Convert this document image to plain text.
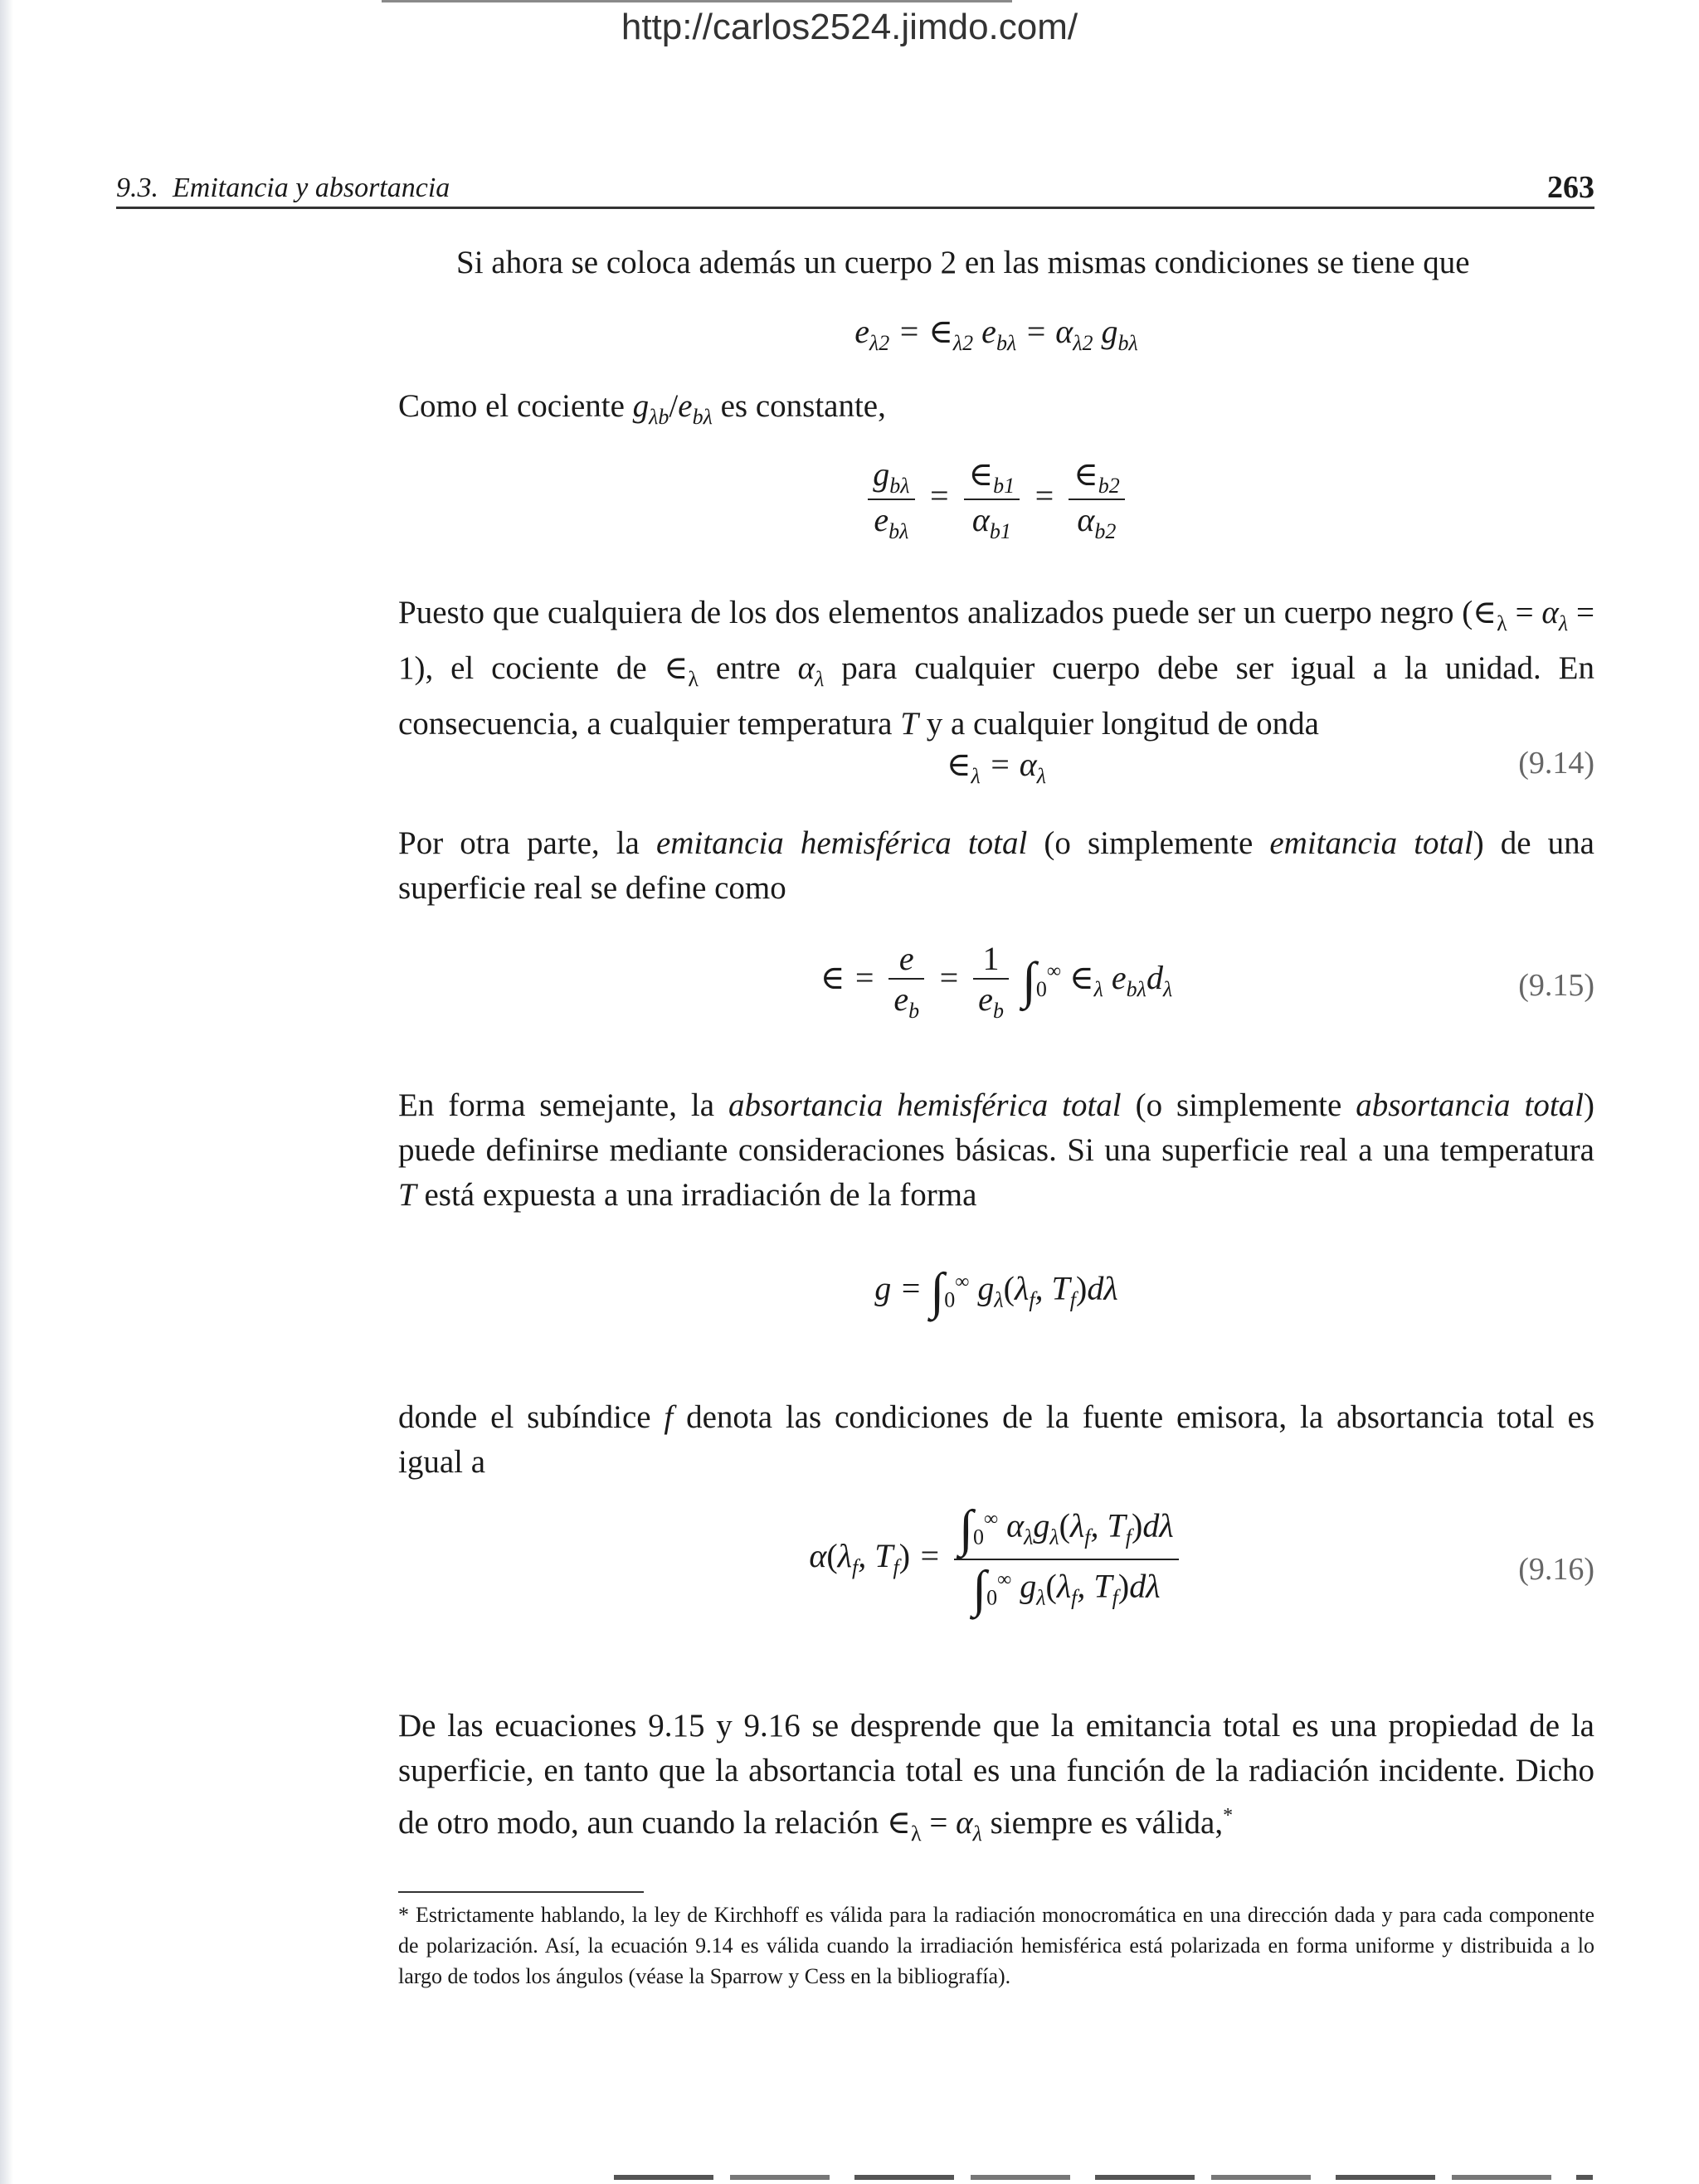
http://carlos2524.jimdo.com/
9.3. Emitancia y absortancia	263

Si ahora se coloca además un cuerpo 2 en las mismas condiciones se tiene que

$e_{\lambda 2}$ = $\in_{\lambda 2}$ $e_{b\lambda} = \alpha_{\lambda 2}$ $g_{b\lambda}$

Como el cociente $g_{\lambda b}/e_{b\lambda}$ es constante,

$\frac{g_{b\lambda}}{e_{b\lambda}} = \frac{\in_{b1}}{\alpha_{b1}} = \frac{\in_{b2}}{\alpha_{b2}}$

Puesto que cualquiera de los dos elementos analizados puede ser un cuerpo negro $(\in_\lambda = \alpha_\lambda = 1)$, el cociente de $\in_\lambda$ entre $\alpha_\lambda$ para cualquier cuerpo debe ser igual a la unidad. En consecuencia, a cualquier temperatura T y a cualquier longitud de onda

$\in_\lambda = \alpha_\lambda$	(9.14)

Por otra parte, la emitancia hemisférica total (o simplemente emitancia total) de una superficie real se define como

∈ = $\frac{e}{e_b} = \frac{1}{e_b} \int_0^\infty$ $\in_\lambda$ $e_{b\lambda}d_\lambda$	(9.15)

En forma semejante, la absortancia hemisférica total (o simplemente absortancia total) puede definirse mediante consideraciones básicas. Si una superficie real a una temperatura T está expuesta a una irradiación de la forma

$g = \int_0^\infty$ $g_\lambda(\lambda_f$, $T_f)d\lambda$

donde el subíndice f denota las condiciones de la fuente emisora, la absortancia total es igual a

$\alpha(\lambda_f$, $T_f) = \frac{\int_0^\infty \alpha_\lambda g_\lambda(\lambda_f, T_f)d\lambda}{\int_0^\infty g_\lambda(\lambda_f, T_f)d\lambda}$	(9.16)

De las ecuaciones 9.15 y 9.16 se desprende que la emitancia total es una propiedad de la superficie, en tanto que la absortancia total es una función de la radiación incidente. Dicho de otro modo, aun cuando la relación $\in_\lambda = \alpha_\lambda$ siempre es válida,*

* Estrictamente hablando, la ley de Kirchhoff es válida para la radiación monocromática en una dirección dada y para cada componente de polarización. Así, la ecuación 9.14 es válida cuando la irradiación hemisférica está polarizada en forma uniforme y distribuida a lo largo de todos los ángulos (véase la Sparrow y Cess en la bibliografía).
